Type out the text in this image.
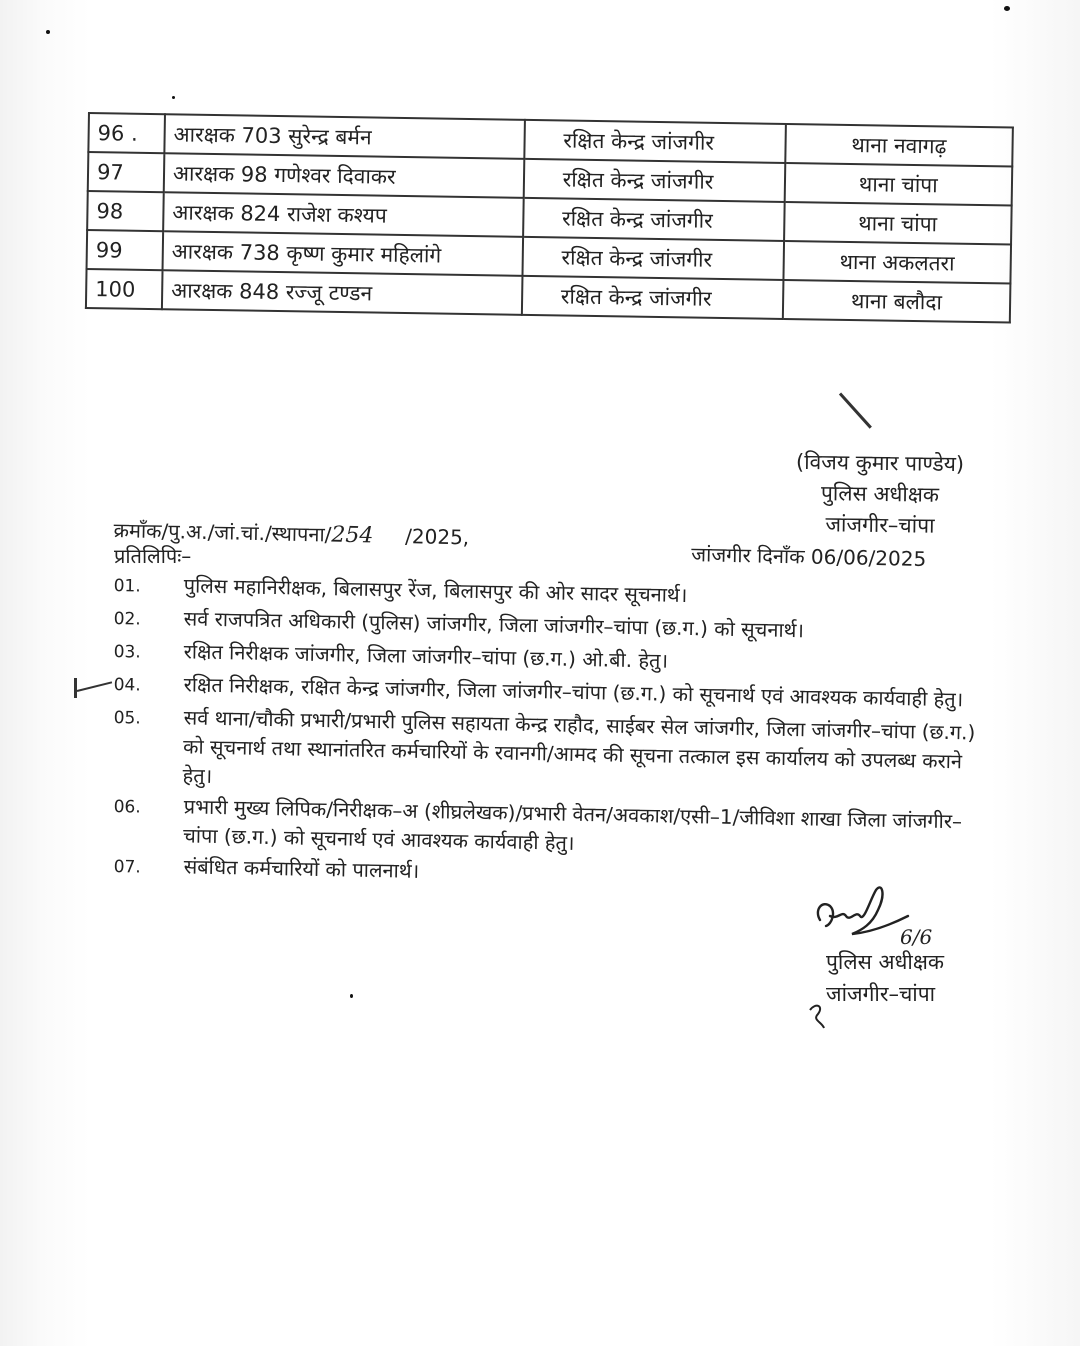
96 .	आरक्षक 703 सुरेन्द्र बर्मन	रक्षित केन्द्र जांजगीर	थाना नवागढ़
97	आरक्षक 98 गणेश्वर दिवाकर	रक्षित केन्द्र जांजगीर	थाना चांपा
98	आरक्षक 824 राजेश कश्यप	रक्षित केन्द्र जांजगीर	थाना चांपा
99	आरक्षक 738 कृष्ण कुमार महिलांगे	रक्षित केन्द्र जांजगीर	थाना अकलतरा
100	आरक्षक 848 रज्जू टण्डन	रक्षित केन्द्र जांजगीर	थाना बलौदा
(विजय कुमार पाण्डेय)
पुलिस अधीक्षक
जांजगीर–चांपा
क्रमाँक/पु.अ./जां.चां./स्थापना/254 /2025,
जांजगीर दिनाँक 06/06/2025
प्रतिलिपिः–
01.	पुलिस महानिरीक्षक, बिलासपुर रेंज, बिलासपुर की ओर सादर सूचनार्थ।
02.	सर्व राजपत्रित अधिकारी (पुलिस) जांजगीर, जिला जांजगीर–चांपा (छ.ग.) को सूचनार्थ।
03.	रक्षित निरीक्षक जांजगीर, जिला जांजगीर–चांपा (छ.ग.) ओ.बी. हेतु।
04.	रक्षित निरीक्षक, रक्षित केन्द्र जांजगीर, जिला जांजगीर–चांपा (छ.ग.) को सूचनार्थ एवं आवश्यक कार्यवाही हेतु।
05.	सर्व थाना/चौकी प्रभारी/प्रभारी पुलिस सहायता केन्द्र राहौद, साईबर सेल जांजगीर, जिला जांजगीर–चांपा (छ.ग.) को सूचनार्थ तथा स्थानांतरित कर्मचारियों के रवानगी/आमद की सूचना तत्काल इस कार्यालय को उपलब्ध कराने हेतु।
06.	प्रभारी मुख्य लिपिक/निरीक्षक–अ (शीघ्रलेखक)/प्रभारी वेतन/अवकाश/एसी–1/जीविशा शाखा जिला जांजगीर–चांपा (छ.ग.) को सूचनार्थ एवं आवश्यक कार्यवाही हेतु।
07.	संबंधित कर्मचारियों को पालनार्थ।
6/6
पुलिस अधीक्षक
जांजगीर–चांपा
